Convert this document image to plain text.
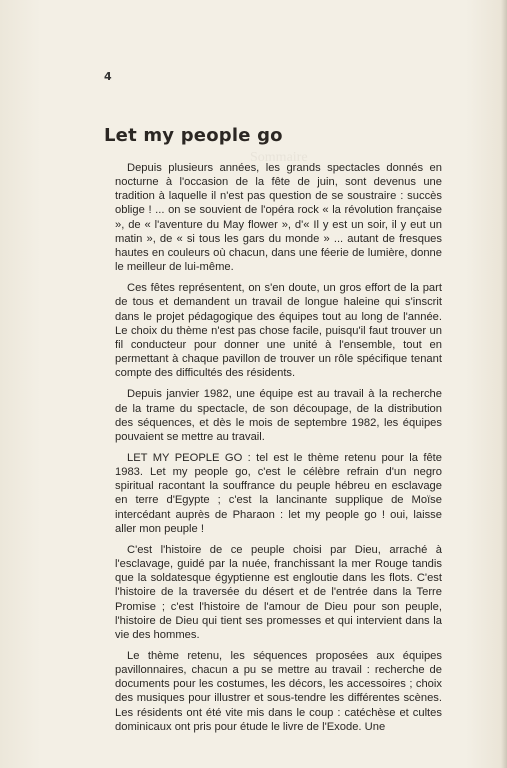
Sommaire
4
Let my people go

Depuis plusieurs années, les grands spectacles donnés en nocturne à l'occasion de la fête de juin, sont devenus une tradition à laquelle il n'est pas question de se soustraire : succès oblige ! ... on se souvient de l'opéra rock « la révolution française », de « l'aventure du May flower », d'« Il y est un soir, il y eut un matin », de « si tous les gars du monde » ... autant de fresques hautes en couleurs où chacun, dans une féerie de lumière, donne le meilleur de lui-même.

Ces fêtes représentent, on s'en doute, un gros effort de la part de tous et demandent un travail de longue haleine qui s'inscrit dans le projet pédagogique des équipes tout au long de l'année. Le choix du thème n'est pas chose facile, puisqu'il faut trouver un fil conducteur pour donner une unité à l'ensemble, tout en permettant à chaque pavillon de trouver un rôle spécifique tenant compte des difficultés des résidents.

Depuis janvier 1982, une équipe est au travail à la recherche de la trame du spectacle, de son découpage, de la distribution des séquences, et dès le mois de septembre 1982, les équipes pouvaient se mettre au travail.

LET MY PEOPLE GO : tel est le thème retenu pour la fête 1983. Let my people go, c'est le célèbre refrain d'un negro spiritual racontant la souffrance du peuple hébreu en esclavage en terre d'Egypte ; c'est la lancinante supplique de Moïse intercédant auprès de Pharaon : let my people go ! oui, laisse aller mon peuple !

C'est l'histoire de ce peuple choisi par Dieu, arraché à l'esclavage, guidé par la nuée, franchissant la mer Rouge tandis que la soldatesque égyptienne est engloutie dans les flots. C'est l'histoire de la traversée du désert et de l'entrée dans la Terre Promise ; c'est l'histoire de l'amour de Dieu pour son peuple, l'histoire de Dieu qui tient ses promesses et qui intervient dans la vie des hommes.

Le thème retenu, les séquences proposées aux équipes pavillonnaires, chacun a pu se mettre au travail : recherche de documents pour les costumes, les décors, les accessoires ; choix des musiques pour illustrer et sous-tendre les différentes scènes. Les résidents ont été vite mis dans le coup : catéchèse et cultes dominicaux ont pris pour étude le livre de l'Exode. Une
